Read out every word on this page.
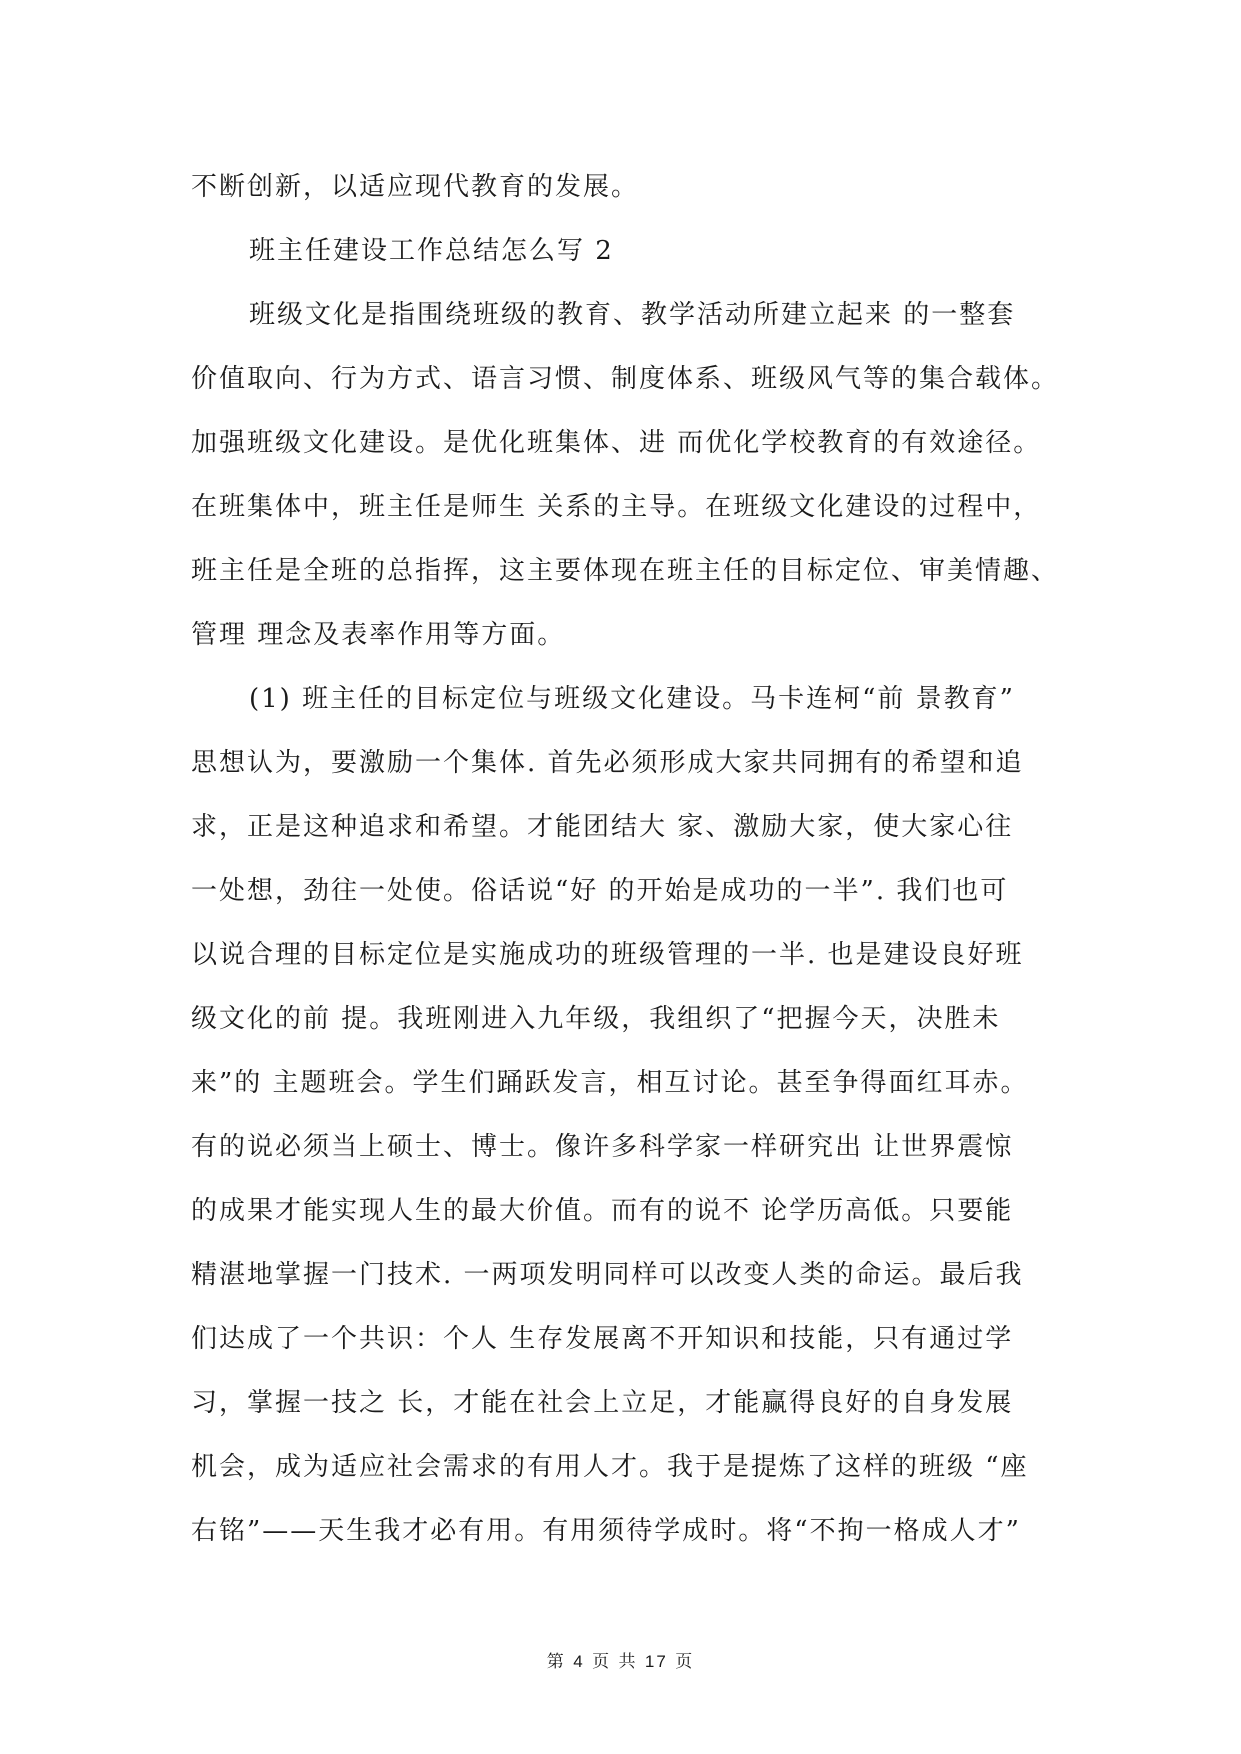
不断创新，以适应现代教育的发展。
班主任建设工作总结怎么写 2
班级文化是指围绕班级的教育、教学活动所建立起来 的一整套
价值取向、行为方式、语言习惯、制度体系、班级风气等的集合载体。
加强班级文化建设。是优化班集体、进 而优化学校教育的有效途径。
在班集体中，班主任是师生 关系的主导。在班级文化建设的过程中，
班主任是全班的总指挥，这主要体现在班主任的目标定位、审美情趣、
管理 理念及表率作用等方面。
(1) 班主任的目标定位与班级文化建设。马卡连柯“前 景教育”
思想认为，要激励一个集体. 首先必须形成大家共同拥有的希望和追
求，正是这种追求和希望。才能团结大 家、激励大家，使大家心往
一处想，劲往一处使。俗话说“好 的开始是成功的一半”. 我们也可
以说合理的目标定位是实施成功的班级管理的一半. 也是建设良好班
级文化的前 提。我班刚进入九年级，我组织了“把握今天，决胜未
来”的 主题班会。学生们踊跃发言，相互讨论。甚至争得面红耳赤。
有的说必须当上硕士、博士。像许多科学家一样研究出 让世界震惊
的成果才能实现人生的最大价值。而有的说不 论学历高低。只要能
精湛地掌握一门技术. 一两项发明同样可以改变人类的命运。最后我
们达成了一个共识：个人 生存发展离不开知识和技能，只有通过学
习，掌握一技之 长，才能在社会上立足，才能赢得良好的自身发展
机会，成为适应社会需求的有用人才。我于是提炼了这样的班级 “座
右铭”——天生我才必有用。有用须待学成时。将“不拘一格成人才”
第 4 页 共 17 页
